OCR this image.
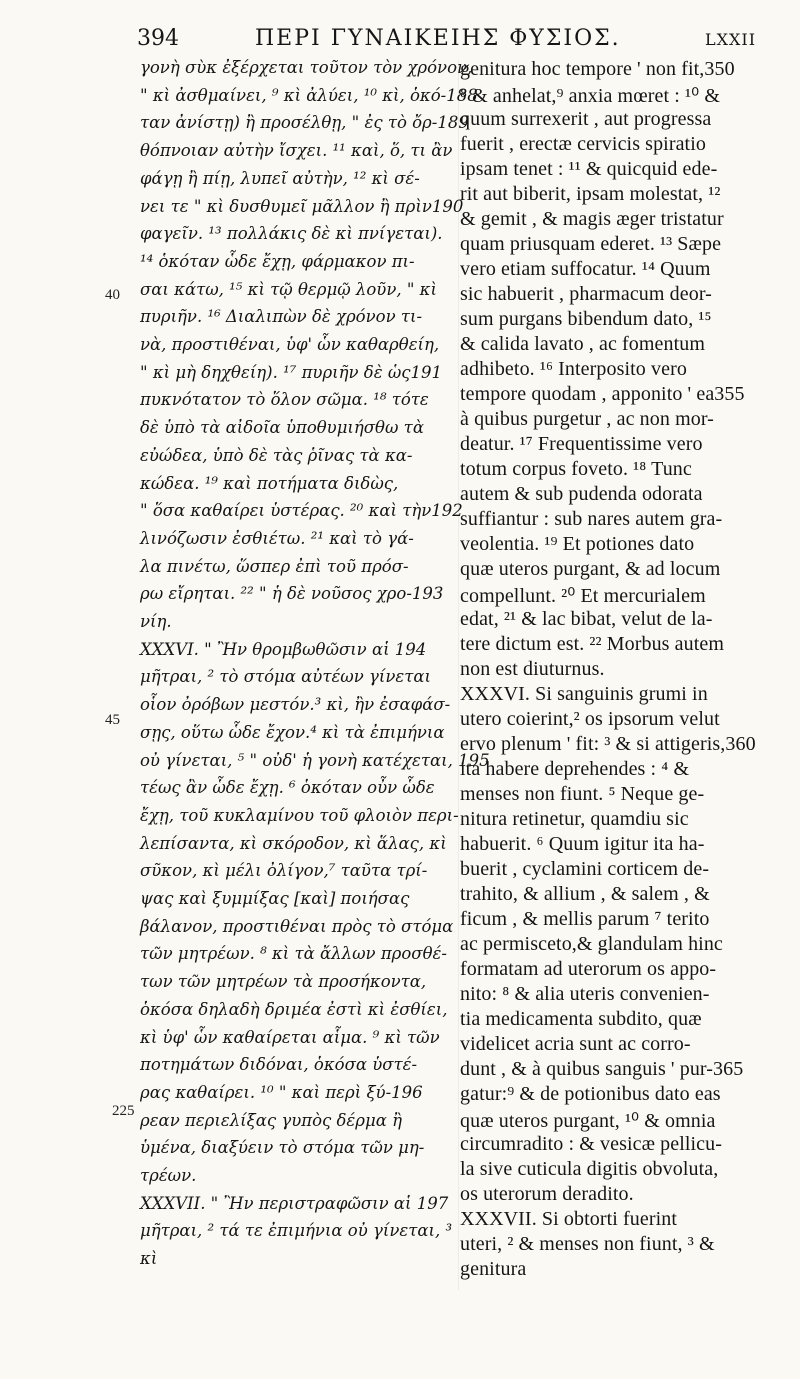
394	ΠΕΡΙ ΓΥΝΑΙΚΕΙΗΣ ΦΥΣΙΟΣ.	LXXII
γονὴ σὺκ ἐξέρχεται τοῦτον τὸν χρόνον,
" κὶ ἀσθμαίνει, ⁹ κὶ ἀλύει, ¹⁰ κὶ, ὁκό-188
ταν ἀνίστῃ) ἢ προσέλθῃ, " ἐς τὸ ὄρ-189
θόπνοιαν αὐτὴν ἴσχει. ¹¹ καὶ, ὅ, τι ἂν
φάγῃ ἢ πίῃ, λυπεῖ αὐτὴν, ¹² κὶ σέ-
νει τε " κὶ δυσθυμεῖ μᾶλλον ἢ πρὶν190
φαγεῖν. ¹³ πολλάκις δὲ κὶ πνίγεται).
¹⁴ ὁκόταν ὧδε ἔχῃ, φάρμακον πι-
σαι κάτω, ¹⁵ κὶ τῷ θερμῷ λοῦν, " κὶ
πυριῆν. ¹⁶ Διαλιπὼν δὲ χρόνον τι-
νὰ, προστιθέναι, ὑφ' ὧν καθαρθείη,
" κὶ μὴ δηχθείη). ¹⁷ πυριῆν δὲ ὡς191
πυκνότατον τὸ ὅλον σῶμα. ¹⁸ τότε
δὲ ὑπὸ τὰ αἰδοῖα ὑποθυμιήσθω τὰ
εὐώδεα, ὑπὸ δὲ τὰς ῥῖνας τὰ κα-
κώδεα. ¹⁹ καὶ ποτήματα διδὼς,
" ὅσα καθαίρει ὑστέρας. ²⁰ καὶ τὴν192
λινόζωσιν ἐσθιέτω. ²¹ καὶ τὸ γά-
λα πινέτω, ὥσπερ ἐπὶ τοῦ πρόσ-
ρω εἴρηται. ²² " ἡ δὲ νοῦσος χρο-193
νίη.
XXXVI. " Ἢν θρομβωθῶσιν αἱ 194
μῆτραι, ² τὸ στόμα αὐτέων γίνεται
οἷον ὀρόβων μεστόν.³ κὶ, ἢν ἐσαφάσ-
σῃς, οὕτω ὧδε ἔχον.⁴ κὶ τὰ ἐπιμήνια
οὐ γίνεται, ⁵ " οὐδ' ἡ γονὴ κατέχεται, 195
τέως ἂν ὧδε ἔχῃ. ⁶ ὁκόταν οὖν ὧδε
ἔχῃ, τοῦ κυκλαμίνου τοῦ φλοιὸν περι-
λεπίσαντα, κὶ σκόροδον, κὶ ἅλας, κὶ
σῦκον, κὶ μέλι ὀλίγον,⁷ ταῦτα τρί-
ψας καὶ ξυμμίξας [καὶ] ποιήσας
βάλανον, προστιθέναι πρὸς τὸ στόμα
τῶν μητρέων. ⁸ κὶ τὰ ἄλλων προσθέ-
των τῶν μητρέων τὰ προσήκοντα,
ὁκόσα δηλαδὴ δριμέα ἐστὶ κὶ ἐσθίει,
κὶ ὑφ' ὧν καθαίρεται αἷμα. ⁹ κὶ τῶν
ποτημάτων διδόναι, ὁκόσα ὑστέ-
ρας καθαίρει. ¹⁰ " καὶ περὶ ξύ-196
ρεαν περιελίξας γυπὸς δέρμα ἢ
ὑμένα, διαξύειν τὸ στόμα τῶν μη-
τρέων.
XXXVII. " Ἢν περιστραφῶσιν αἱ 197
μῆτραι, ² τά τε ἐπιμήνια οὐ γίνεται, ³
κὶ
genitura hoc tempore ' non fit,350
⁸ & anhelat,⁹ anxia mœret : ¹⁰ &
quum surrexerit , aut progressa
fuerit , erectæ cervicis spiratio
ipsam tenet : ¹¹ & quicquid ede-
rit aut biberit, ipsam molestat, ¹²
& gemit , & magis æger tristatur
quam priusquam ederet. ¹³ Sæpe
vero etiam suffocatur. ¹⁴ Quum
sic habuerit , pharmacum deor-
sum purgans bibendum dato, ¹⁵
& calida lavato , ac fomentum
adhibeto. ¹⁶ Interposito vero
tempore quodam , apponito ' ea355
à quibus purgetur , ac non mor-
deatur. ¹⁷ Frequentissime vero
totum corpus foveto. ¹⁸ Tunc
autem & sub pudenda odorata
suffiantur : sub nares autem gra-
veolentia. ¹⁹ Et potiones dato
quæ uteros purgant, & ad locum
compellunt. ²⁰ Et mercurialem
edat, ²¹ & lac bibat, velut de la-
tere dictum est. ²² Morbus autem
non est diuturnus.
XXXVI. Si sanguinis grumi in
utero coierint,² os ipsorum velut
ervo plenum ' fit: ³ & si attigeris,360
ita habere deprehendes : ⁴ &
menses non fiunt. ⁵ Neque ge-
nitura retinetur, quamdiu sic
habuerit. ⁶ Quum igitur ita ha-
buerit , cyclamini corticem de-
trahito, & allium , & salem , &
ficum , & mellis parum ⁷ terito
ac permisceto,& glandulam hinc
formatam ad uterorum os appo-
nito: ⁸ & alia uteris convenien-
tia medicamenta subdito, quæ
videlicet acria sunt ac corro-
dunt , & à quibus sanguis ' pur-365
gatur:⁹ & de potionibus dato eas
quæ uteros purgant, ¹⁰ & omnia
circumradito : & vesicæ pellicu-
la sive cuticula digitis obvoluta,
os uterorum deradito.
XXXVII. Si obtorti fuerint
uteri, ² & menses non fiunt, ³ &
genitura
40
45
225
